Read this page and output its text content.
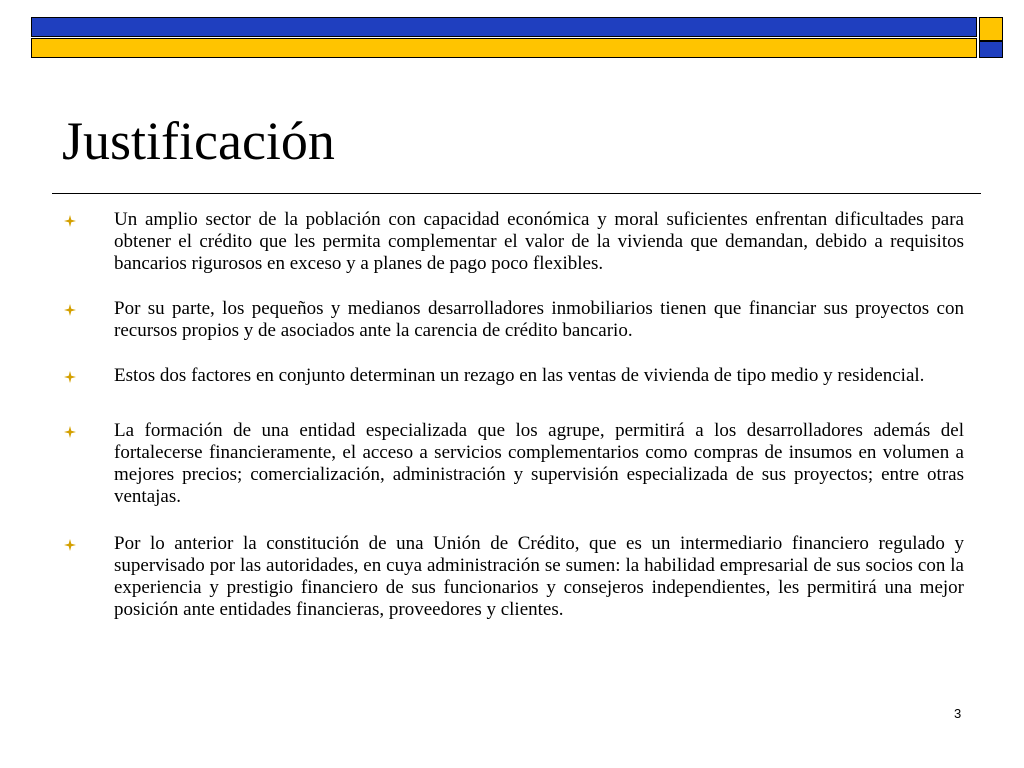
Justificación
Un amplio sector de la población con capacidad económica y moral suficientes enfrentan dificultades para obtener el crédito que les permita complementar el valor de la vivienda que demandan, debido a requisitos bancarios rigurosos en exceso y a planes de pago poco flexibles.
Por su parte, los pequeños y medianos desarrolladores inmobiliarios tienen que financiar sus proyectos con recursos propios y de asociados ante la carencia de crédito bancario.
Estos dos factores en conjunto determinan un rezago en las ventas de vivienda de tipo medio y residencial.
La formación de una entidad especializada que los agrupe, permitirá a los desarrolladores además del fortalecerse financieramente, el acceso a servicios complementarios como compras de insumos en volumen a mejores precios; comercialización, administración y supervisión especializada de sus proyectos; entre otras ventajas.
Por lo anterior la constitución de una Unión de Crédito, que es un intermediario financiero regulado y supervisado por las autoridades, en cuya administración se sumen: la habilidad empresarial de sus socios con la experiencia y prestigio financiero de sus funcionarios y consejeros independientes, les permitirá una mejor posición ante entidades financieras, proveedores y clientes.
3
